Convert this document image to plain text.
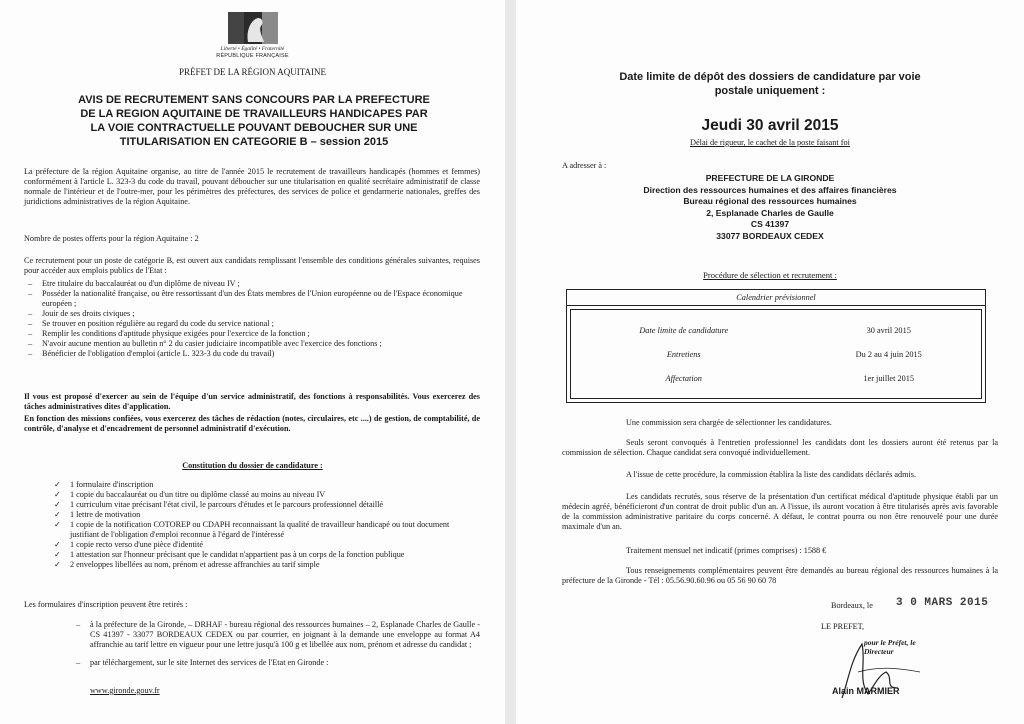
Liberté • Égalité • Fraternité
RÉPUBLIQUE FRANÇAISE
PRÉFET DE LA RÉGION AQUITAINE
AVIS DE RECRUTEMENT SANS CONCOURS PAR LA PREFECTURE
DE LA REGION AQUITAINE DE TRAVAILLEURS HANDICAPES PAR
LA VOIE CONTRACTUELLE POUVANT DEBOUCHER SUR UNE
TITULARISATION EN CATEGORIE B – session 2015
La préfecture de la région Aquitaine organise, au titre de l'année 2015 le recrutement de travailleurs handicapés (hommes et femmes) conformément à l'article L. 323-3 du code du travail, pouvant déboucher sur une titularisation en qualité secrétaire administratif de classe normale de l'intérieur et de l'outre-mer, pour les périmètres des préfectures, des services de police et gendarmerie nationales, greffes des juridictions administratives de la région Aquitaine.
Nombre de postes offerts pour la région Aquitaine : 2
Ce recrutement pour un poste de catégorie B, est ouvert aux candidats remplissant l'ensemble des conditions générales suivantes, requises pour accéder aux emplois publics de l'Etat :
– Etre titulaire du baccalauréat ou d'un diplôme de niveau IV ;
– Posséder la nationalité française, ou être ressortissant d'un des États membres de l'Union européenne ou de l'Espace économique européen ;
– Jouir de ses droits civiques ;
– Se trouver en position régulière au regard du code du service national ;
– Remplir les conditions d'aptitude physique exigées pour l'exercice de la fonction ;
– N'avoir aucune mention au bulletin n° 2 du casier judiciaire incompatible avec l'exercice des fonctions ;
– Bénéficier de l'obligation d'emploi (article L. 323-3 du code du travail)
Il vous est proposé d'exercer au sein de l'équipe d'un service administratif, des fonctions à responsabilités. Vous exercerez des tâches administratives dites d'application.
En fonction des missions confiées, vous exercerez des tâches de rédaction (notes, circulaires, etc ....) de gestion, de comptabilité, de contrôle, d'analyse et d'encadrement de personnel administratif d'exécution.
Constitution du dossier de candidature :
✓ 1 formulaire d'inscription
✓ 1 copie du baccalauréat ou d'un titre ou diplôme classé au moins au niveau IV
✓ 1 curriculum vitae précisant l'état civil, le parcours d'études et le parcours professionnel détaillé
✓ 1 lettre de motivation
✓ 1 copie de la notification COTOREP ou CDAPH reconnaissant la qualité de travailleur handicapé ou tout document justifiant de l'obligation d'emploi reconnue à l'égard de l'intéressé
✓ 1 copie recto verso d'une pièce d'identité
✓ 1 attestation sur l'honneur précisant que le candidat n'appartient pas à un corps de la fonction publique
✓ 2 enveloppes libellées au nom, prénom et adresse affranchies au tarif simple
Les formulaires d'inscription peuvent être retirés :
– à la préfecture de la Gironde, – DRHAF - bureau régional des ressources humaines – 2, Esplanade Charles de Gaulle - CS 41397 - 33077 BORDEAUX CEDEX ou par courrier, en joignant à la demande une enveloppe au format A4 affranchie au tarif lettre en vigueur pour une lettre jusqu'à 100 g et libellée aux nom, prénom et adresse du candidat ;
– par téléchargement, sur le site Internet des services de l'Etat en Gironde :
www.gironde.gouv.fr
Date limite de dépôt des dossiers de candidature par voie
postale uniquement :
Jeudi 30 avril 2015
Délai de rigueur, le cachet de la poste faisant foi
A adresser à :
PREFECTURE DE LA GIRONDE
Direction des ressources humaines et des affaires financières
Bureau régional des ressources humaines
2, Esplanade Charles de Gaulle
CS 41397
33077 BORDEAUX CEDEX
Procédure de sélection et recrutement :
Calendrier prévisionnel
Date limite de candidature	30 avril 2015
Entretiens	Du 2 au 4 juin 2015
Affectation	1er juillet 2015
Une commission sera chargée de sélectionner les candidatures.
Seuls seront convoqués à l'entretien professionnel les candidats dont les dossiers auront été retenus par la commission de sélection. Chaque candidat sera convoqué individuellement.
A l'issue de cette procédure, la commission établira la liste des candidats déclarés admis.
Les candidats recrutés, sous réserve de la présentation d'un certificat médical d'aptitude physique établi par un médecin agréé, bénéficieront d'un contrat de droit public d'un an. A l'issue, ils auront vocation à être titularisés après avis favorable de la commission administrative paritaire du corps concerné. A défaut, le contrat pourra ou non être renouvelé pour une durée maximale d'un an.
Traitement mensuel net indicatif (primes comprises) : 1588 €
Tous renseignements complémentaires peuvent être demandés au bureau régional des ressources humaines à la préfecture de la Gironde - Tél : 05.56.90.60.96 ou 05 56 90 60 78
Bordeaux, le 3 0 MARS 2015
LE PREFET,
pour le Préfet, le Directeur
Alain MARMIER
